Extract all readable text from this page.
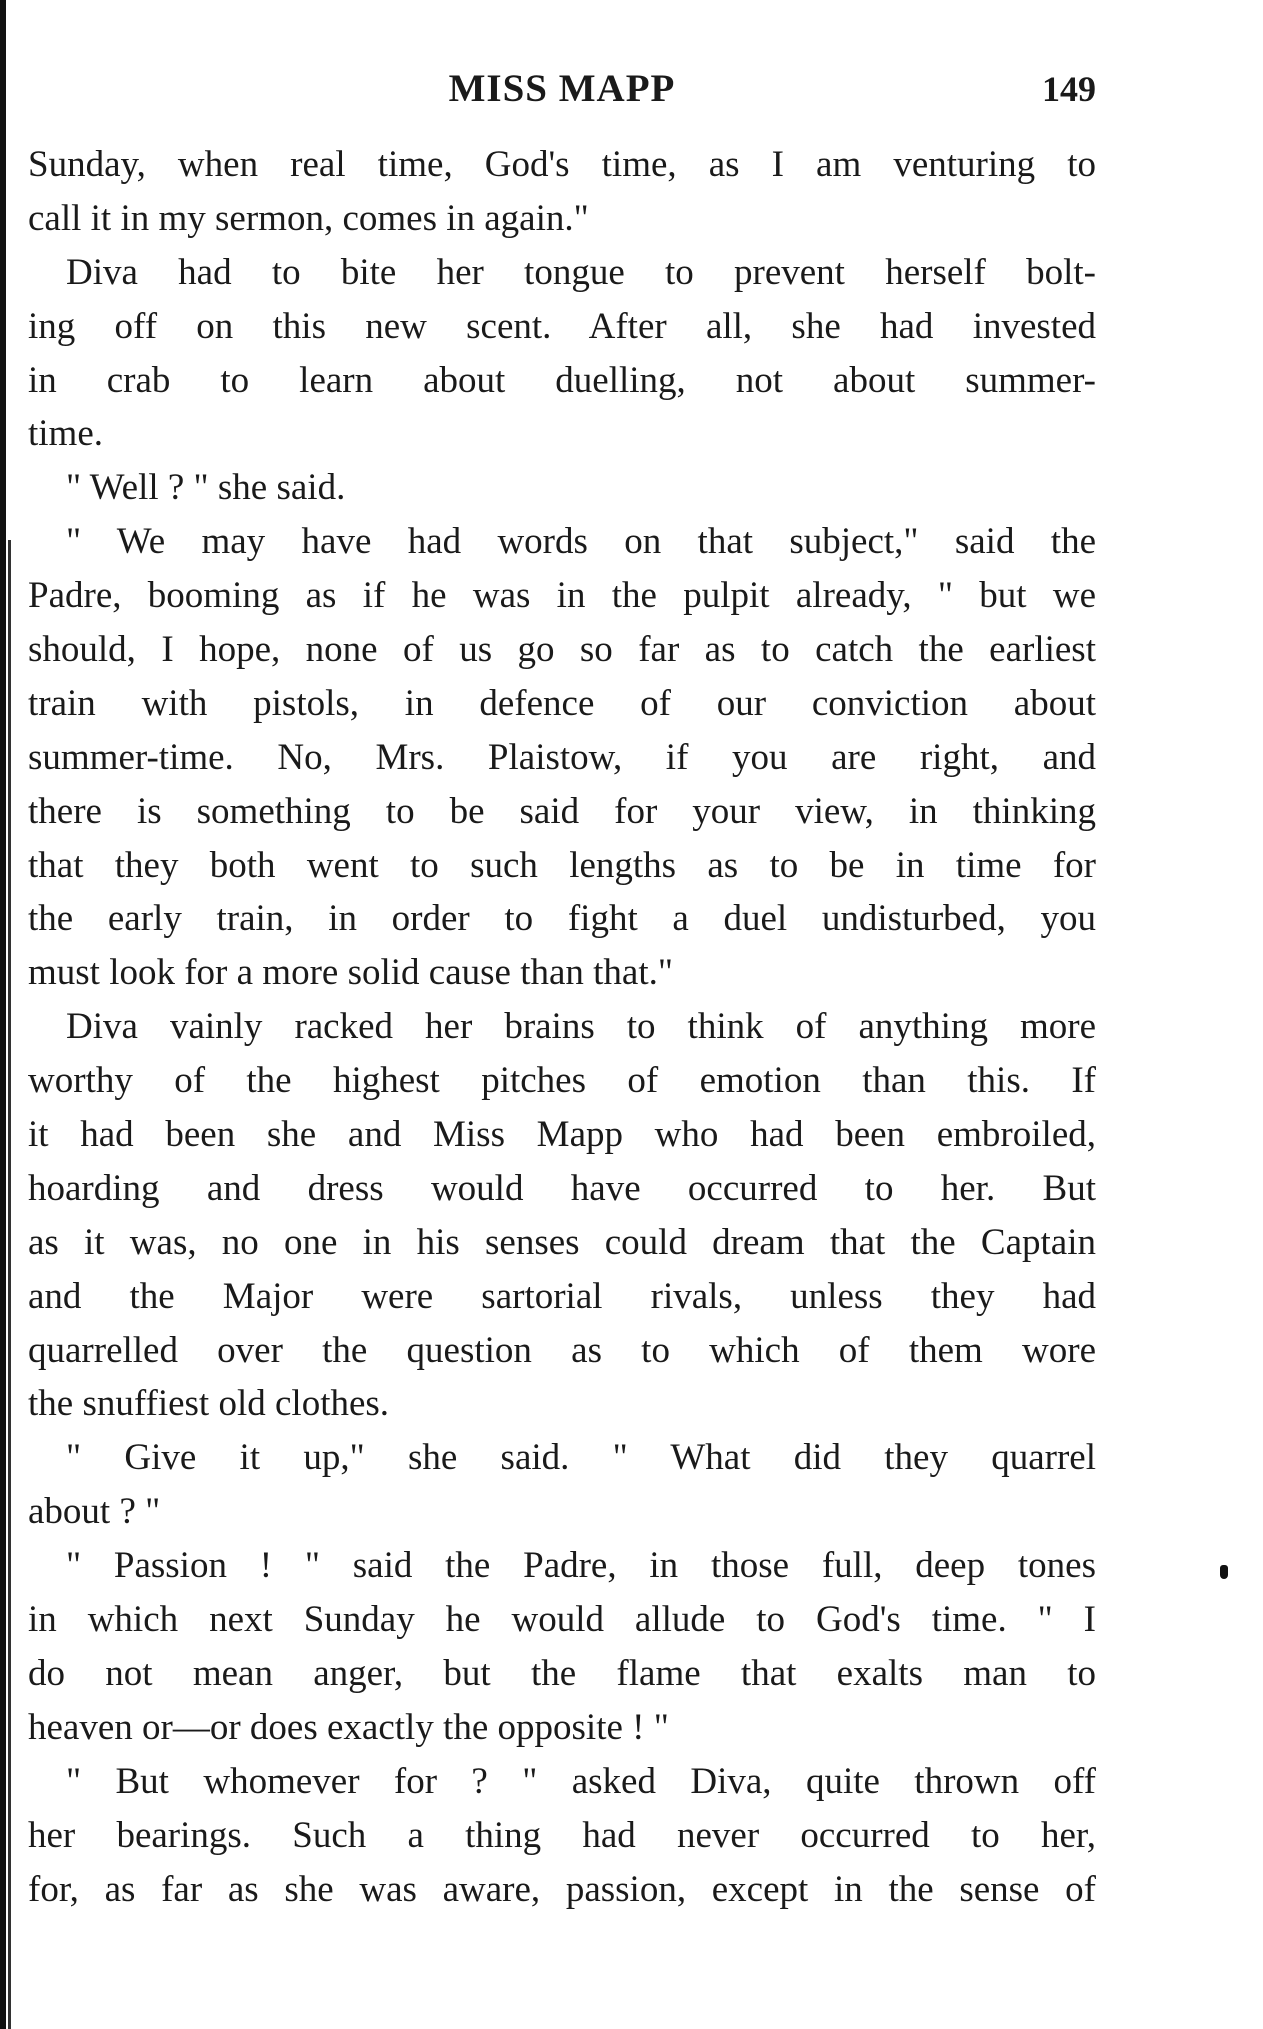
MISS MAPP	149
Sunday, when real time, God's time, as I am venturing to
call it in my sermon, comes in again."
Diva had to bite her tongue to prevent herself bolt-
ing off on this new scent. After all, she had invested
in crab to learn about duelling, not about summer-
time.
" Well ? " she said.
" We may have had words on that subject," said the
Padre, booming as if he was in the pulpit already, " but we
should, I hope, none of us go so far as to catch the earliest
train with pistols, in defence of our conviction about
summer-time. No, Mrs. Plaistow, if you are right, and
there is something to be said for your view, in thinking
that they both went to such lengths as to be in time for
the early train, in order to fight a duel undisturbed, you
must look for a more solid cause than that."
Diva vainly racked her brains to think of anything more
worthy of the highest pitches of emotion than this. If
it had been she and Miss Mapp who had been embroiled,
hoarding and dress would have occurred to her. But
as it was, no one in his senses could dream that the Captain
and the Major were sartorial rivals, unless they had
quarrelled over the question as to which of them wore
the snuffiest old clothes.
" Give it up," she said. " What did they quarrel
about ? "
" Passion ! " said the Padre, in those full, deep tones
in which next Sunday he would allude to God's time. " I
do not mean anger, but the flame that exalts man to
heaven or—or does exactly the opposite ! "
" But whomever for ? " asked Diva, quite thrown off
her bearings. Such a thing had never occurred to her,
for, as far as she was aware, passion, except in the sense of
